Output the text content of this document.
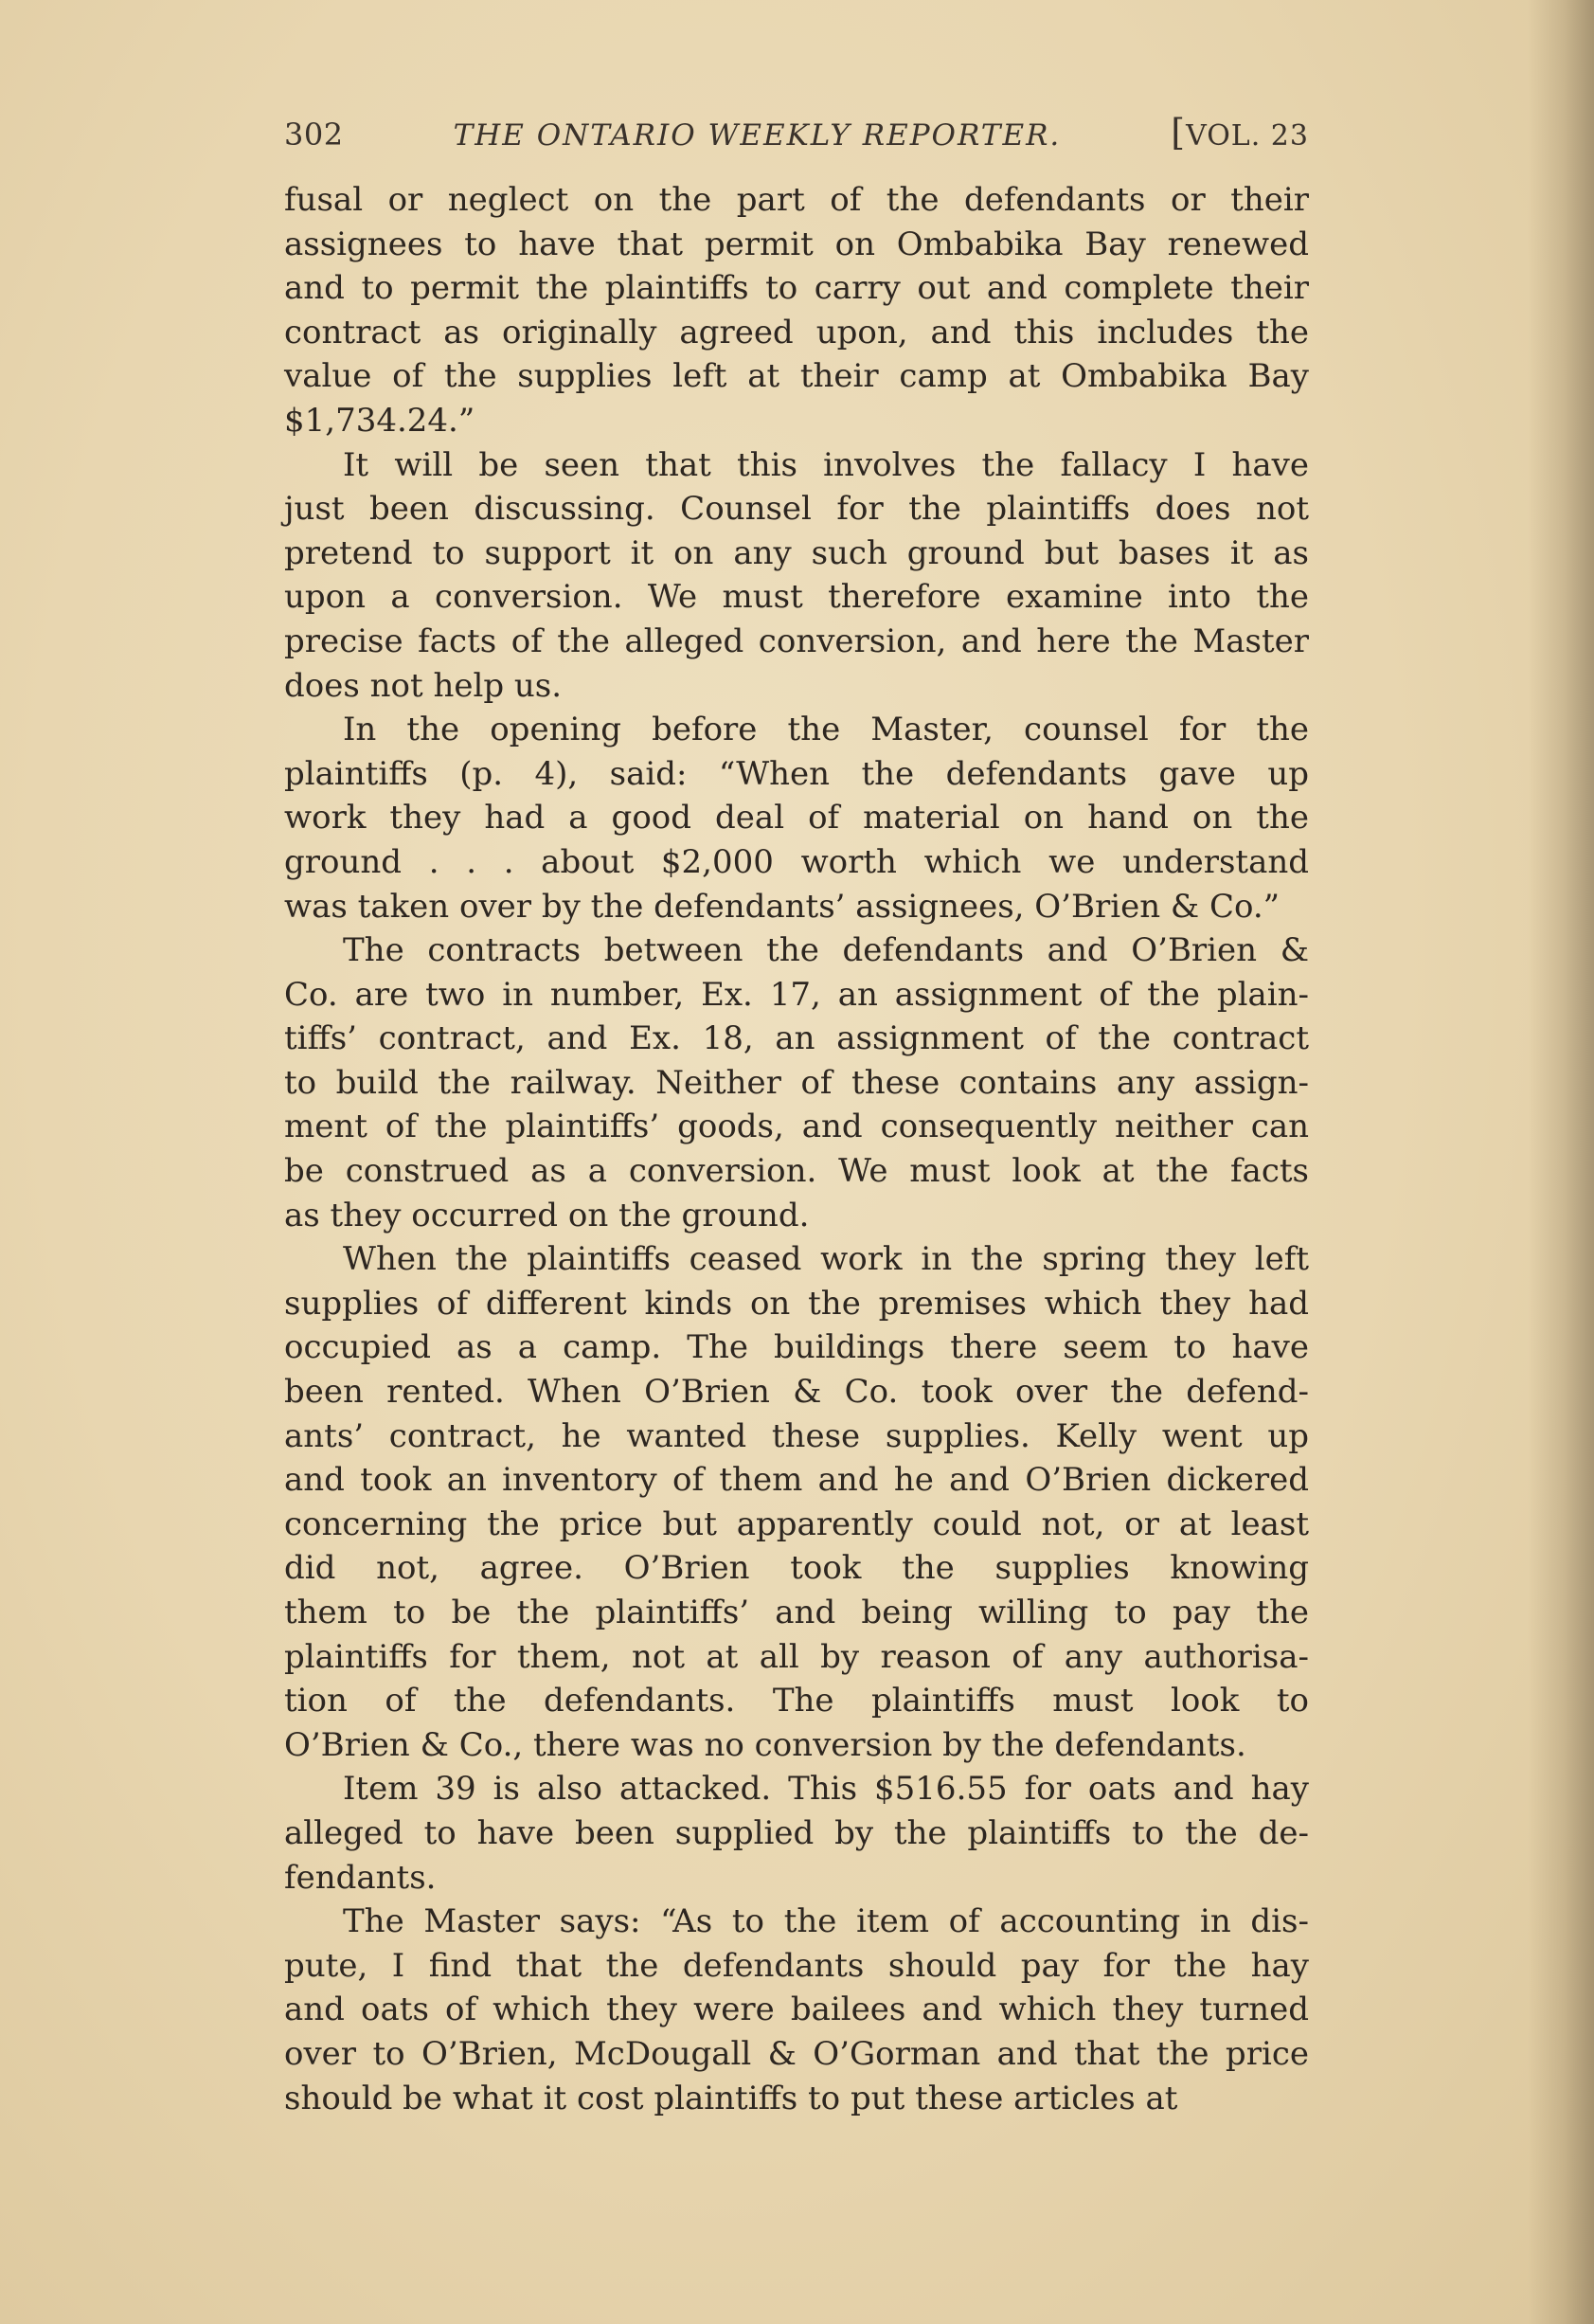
302	THE ONTARIO WEEKLY REPORTER.	[VOL. 23

fusal or neglect on the part of the defendants or their

assignees to have that permit on Ombabika Bay renewed

and to permit the plaintiffs to carry out and complete their

contract as originally agreed upon, and this includes the

value of the supplies left at their camp at Ombabika Bay

$1,734.24.”

It will be seen that this involves the fallacy I have

just been discussing. Counsel for the plaintiffs does not

pretend to support it on any such ground but bases it as

upon a conversion. We must therefore examine into the

precise facts of the alleged conversion, and here the Master

does not help us.

In the opening before the Master, counsel for the

plaintiffs (p. 4), said: “When the defendants gave up

work they had a good deal of material on hand on the

ground . . . about $2,000 worth which we understand

was taken over by the defendants’ assignees, O’Brien & Co.”

The contracts between the defendants and O’Brien &

Co. are two in number, Ex. 17, an assignment of the plain-

tiffs’ contract, and Ex. 18, an assignment of the contract

to build the railway. Neither of these contains any assign-

ment of the plaintiffs’ goods, and consequently neither can

be construed as a conversion. We must look at the facts

as they occurred on the ground.

When the plaintiffs ceased work in the spring they left

supplies of different kinds on the premises which they had

occupied as a camp. The buildings there seem to have

been rented. When O’Brien & Co. took over the defend-

ants’ contract, he wanted these supplies. Kelly went up

and took an inventory of them and he and O’Brien dickered

concerning the price but apparently could not, or at least

did not, agree. O’Brien took the supplies knowing

them to be the plaintiffs’ and being willing to pay the

plaintiffs for them, not at all by reason of any authorisa-

tion of the defendants. The plaintiffs must look to

O’Brien & Co., there was no conversion by the defendants.

Item 39 is also attacked. This $516.55 for oats and hay

alleged to have been supplied by the plaintiffs to the de-

fendants.

The Master says: “As to the item of accounting in dis-

pute, I find that the defendants should pay for the hay

and oats of which they were bailees and which they turned

over to O’Brien, McDougall & O’Gorman and that the price

should be what it cost plaintiffs to put these articles at
